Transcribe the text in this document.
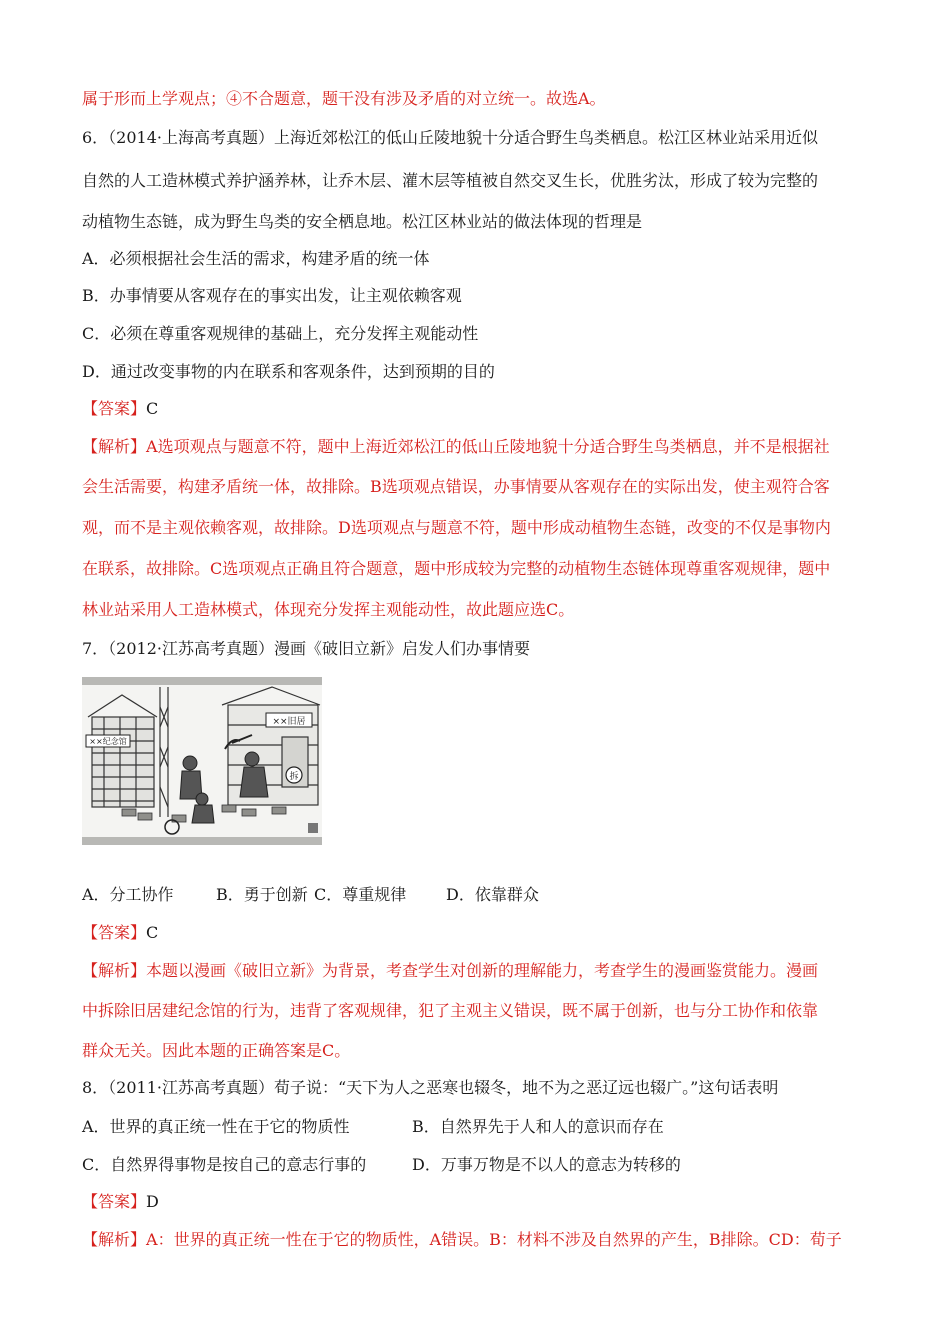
属于形而上学观点；④不合题意，题干没有涉及矛盾的对立统一。故选A。
6．（2014·上海高考真题）上海近郊松江的低山丘陵地貌十分适合野生鸟类栖息。松江区林业站采用近似
自然的人工造林模式养护涵养林，让乔木层、灌木层等植被自然交叉生长，优胜劣汰，形成了较为完整的
动植物生态链，成为野生鸟类的安全栖息地。松江区林业站的做法体现的哲理是
A．必须根据社会生活的需求，构建矛盾的统一体
B．办事情要从客观存在的事实出发，让主观依赖客观
C．必须在尊重客观规律的基础上，充分发挥主观能动性
D．通过改变事物的内在联系和客观条件，达到预期的目的
【答案】C
【解析】A选项观点与题意不符，题中上海近郊松江的低山丘陵地貌十分适合野生鸟类栖息，并不是根据社
会生活需要，构建矛盾统一体，故排除。B选项观点错误，办事情要从客观存在的实际出发，使主观符合客
观，而不是主观依赖客观，故排除。D选项观点与题意不符，题中形成动植物生态链，改变的不仅是事物内
在联系，故排除。C选项观点正确且符合题意，题中形成较为完整的动植物生态链体现尊重客观规律，题中
林业站采用人工造林模式，体现充分发挥主观能动性，故此题应选C。
7．（2012·江苏高考真题）漫画《破旧立新》启发人们办事情要
××纪念馆
××旧居
拆
A．分工协作	B．勇于创新 C．尊重规律 D．依靠群众
【答案】C
【解析】本题以漫画《破旧立新》为背景，考查学生对创新的理解能力，考查学生的漫画鉴赏能力。漫画
中拆除旧居建纪念馆的行为，违背了客观规律，犯了主观主义错误，既不属于创新，也与分工协作和依靠
群众无关。因此本题的正确答案是C。
8．（2011·江苏高考真题）荀子说：“天下为人之恶寒也辍冬，地不为之恶辽远也辍广。”这句话表明
A．世界的真正统一性在于它的物质性	B．自然界先于人和人的意识而存在
C．自然界得事物是按自己的意志行事的	D．万事万物是不以人的意志为转移的
【答案】D
【解析】A：世界的真正统一性在于它的物质性，A错误。B：材料不涉及自然界的产生，B排除。CD：荀子
